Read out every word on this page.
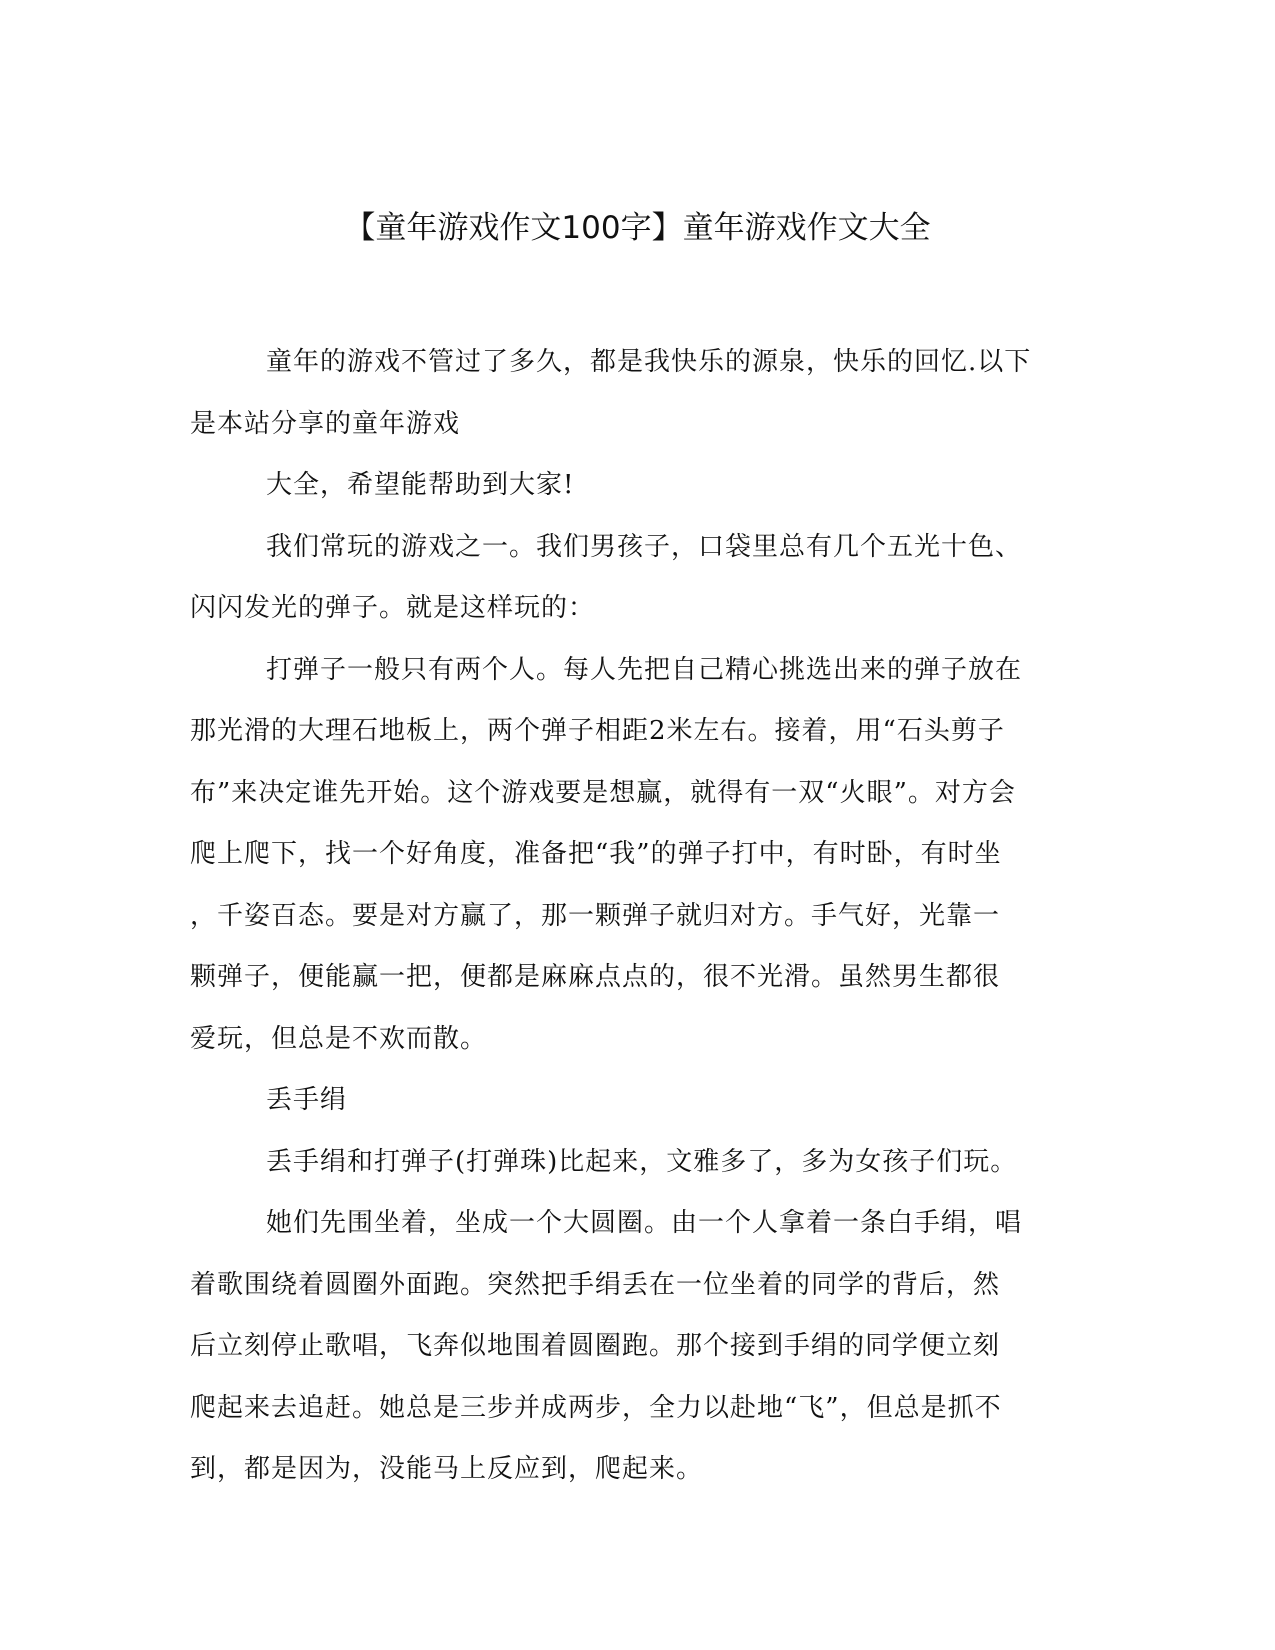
【童年游戏作文100字】童年游戏作文大全
童年的游戏不管过了多久，都是我快乐的源泉，快乐的回忆.以下
是本站分享的童年游戏
大全，希望能帮助到大家!
我们常玩的游戏之一。我们男孩子，口袋里总有几个五光十色、
闪闪发光的弹子。就是这样玩的：
打弹子一般只有两个人。每人先把自己精心挑选出来的弹子放在
那光滑的大理石地板上，两个弹子相距2米左右。接着，用“石头剪子
布”来决定谁先开始。这个游戏要是想赢，就得有一双“火眼”。对方会
爬上爬下，找一个好角度，准备把“我”的弹子打中，有时卧，有时坐
，千姿百态。要是对方赢了，那一颗弹子就归对方。手气好，光靠一
颗弹子，便能赢一把，便都是麻麻点点的，很不光滑。虽然男生都很
爱玩，但总是不欢而散。
丢手绢
丢手绢和打弹子(打弹珠)比起来，文雅多了，多为女孩子们玩。
她们先围坐着，坐成一个大圆圈。由一个人拿着一条白手绢，唱
着歌围绕着圆圈外面跑。突然把手绢丢在一位坐着的同学的背后，然
后立刻停止歌唱，飞奔似地围着圆圈跑。那个接到手绢的同学便立刻
爬起来去追赶。她总是三步并成两步，全力以赴地“飞”，但总是抓不
到，都是因为，没能马上反应到，爬起来。
